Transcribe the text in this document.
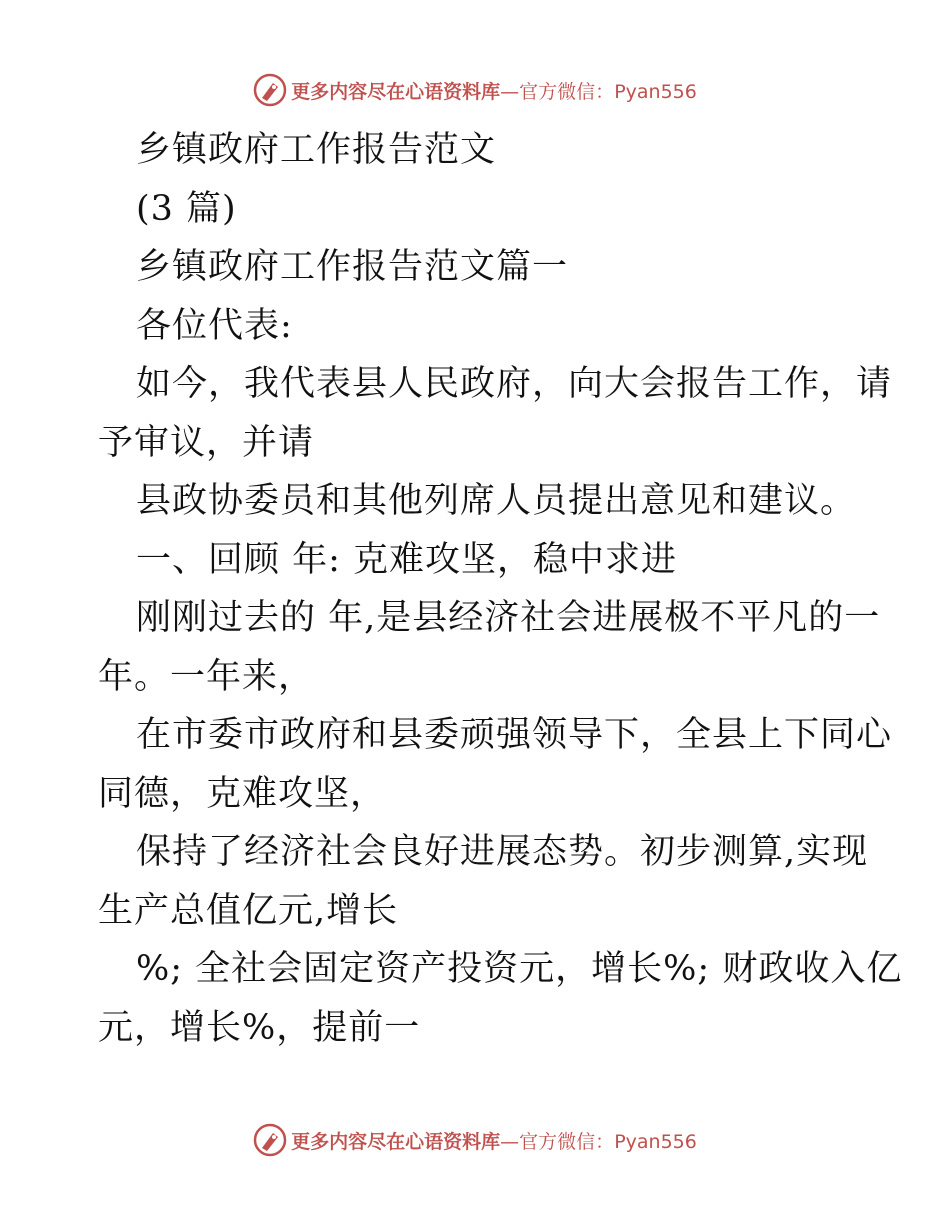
更多内容尽在心语资料库—官方微信：Pyan556
乡镇政府工作报告范文
(3 篇)
乡镇政府工作报告范文篇一
各位代表:
如今，我代表县人民政府，向大会报告工作，请
予审议，并请
县政协委员和其他列席人员提出意见和建议。
一、回顾 年: 克难攻坚，稳中求进
刚刚过去的 年,是县经济社会进展极不平凡的一
年。一年来，
在市委市政府和县委顽强领导下，全县上下同心
同德，克难攻坚，
保持了经济社会良好进展态势。初步测算,实现
生产总值亿元,增长
%; 全社会固定资产投资元，增长%; 财政收入亿
元，增长%，提前一
更多内容尽在心语资料库—官方微信：Pyan556
